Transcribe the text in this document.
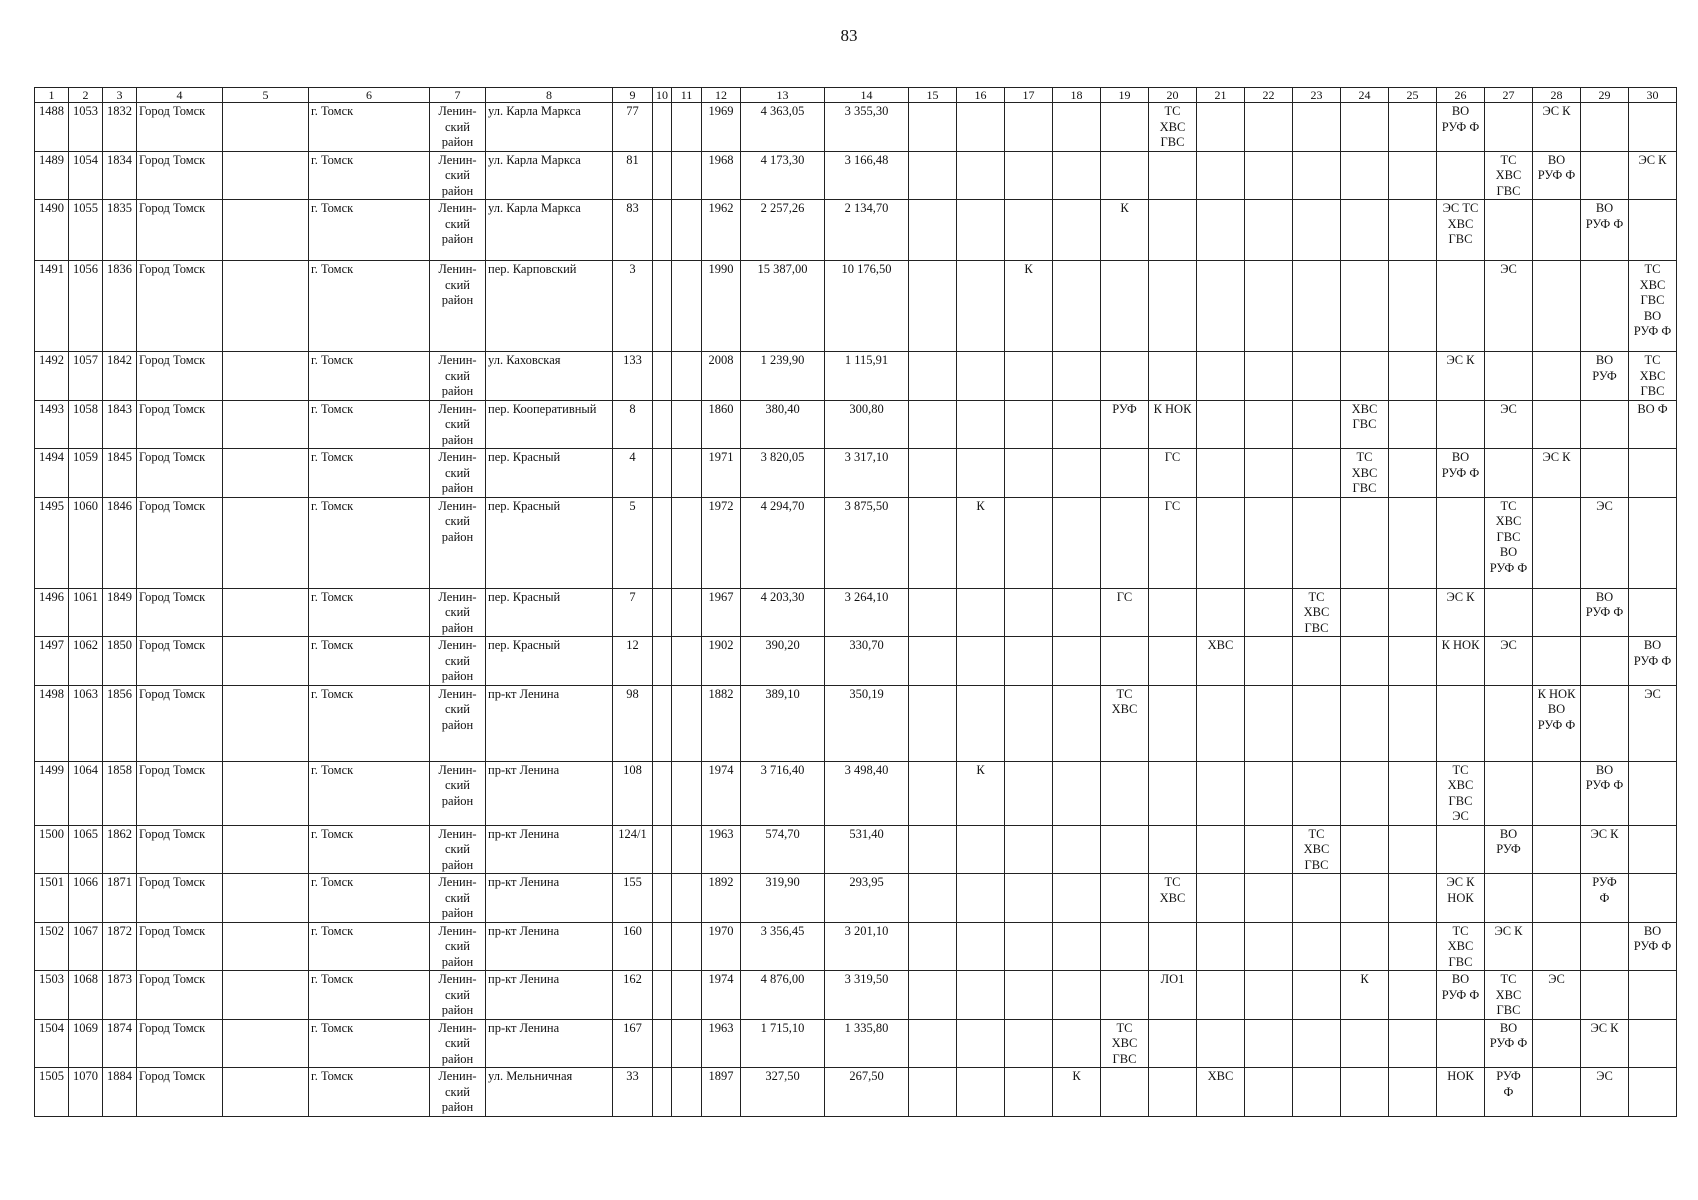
83
1	2	3	4	5	6	7	8	9	10	11	12	13	14	15	16	17	18	19	20	21	22	23	24	25	26	27	28	29	30
1488	1053	1832	Город Томск		г. Томск	Ленин-
ский
район	ул. Карла Маркса	77			1969	4 363,05	3 355,30						ТС
ХВС
ГВС						ВО
РУФ Ф		ЭС К		
1489	1054	1834	Город Томск		г. Томск	Ленин-
ский
район	ул. Карла Маркса	81			1968	4 173,30	3 166,48													ТС
ХВС
ГВС	ВО
РУФ Ф		ЭС К
1490	1055	1835	Город Томск		г. Томск	Ленин-
ский
район	ул. Карла Маркса	83			1962	2 257,26	2 134,70					К							ЭС ТС
ХВС
ГВС			ВО
РУФ Ф	
1491	1056	1836	Город Томск		г. Томск	Ленин-
ский
район	пер. Карповский	3			1990	15 387,00	10 176,50			К										ЭС			ТС
ХВС
ГВС
ВО
РУФ Ф
1492	1057	1842	Город Томск		г. Томск	Ленин-
ский
район	ул. Каховская	133			2008	1 239,90	1 115,91												ЭС К			ВО
РУФ	ТС
ХВС
ГВС
1493	1058	1843	Город Томск		г. Томск	Ленин-
ский
район	пер. Кооперативный	8			1860	380,40	300,80					РУФ	К НОК				ХВС
ГВС			ЭС			ВО Ф
1494	1059	1845	Город Томск		г. Томск	Ленин-
ский
район	пер. Красный	4			1971	3 820,05	3 317,10						ГС				ТС
ХВС
ГВС		ВО
РУФ Ф		ЭС К		
1495	1060	1846	Город Томск		г. Томск	Ленин-
ский
район	пер. Красный	5			1972	4 294,70	3 875,50		К				ГС							ТС
ХВС
ГВС
ВО
РУФ Ф		ЭС	
1496	1061	1849	Город Томск		г. Томск	Ленин-
ский
район	пер. Красный	7			1967	4 203,30	3 264,10					ГС				ТС
ХВС
ГВС			ЭС К			ВО
РУФ Ф	
1497	1062	1850	Город Томск		г. Томск	Ленин-
ский
район	пер. Красный	12			1902	390,20	330,70							ХВС					К НОК	ЭС			ВО
РУФ Ф
1498	1063	1856	Город Томск		г. Томск	Ленин-
ский
район	пр-кт Ленина	98			1882	389,10	350,19					ТС
ХВС									К НОК
ВО
РУФ Ф		ЭС
1499	1064	1858	Город Томск		г. Томск	Ленин-
ский
район	пр-кт Ленина	108			1974	3 716,40	3 498,40		К										ТС
ХВС
ГВС
ЭС			ВО
РУФ Ф	
1500	1065	1862	Город Томск		г. Томск	Ленин-
ский
район	пр-кт Ленина	124/1			1963	574,70	531,40									ТС
ХВС
ГВС				ВО
РУФ		ЭС К	
1501	1066	1871	Город Томск		г. Томск	Ленин-
ский
район	пр-кт Ленина	155			1892	319,90	293,95						ТС
ХВС						ЭС К
НОК			РУФ
Ф	
1502	1067	1872	Город Томск		г. Томск	Ленин-
ский
район	пр-кт Ленина	160			1970	3 356,45	3 201,10												ТС
ХВС
ГВС	ЭС К			ВО
РУФ Ф
1503	1068	1873	Город Томск		г. Томск	Ленин-
ский
район	пр-кт Ленина	162			1974	4 876,00	3 319,50						ЛО1				К		ВО
РУФ Ф	ТС
ХВС
ГВС	ЭС		
1504	1069	1874	Город Томск		г. Томск	Ленин-
ский
район	пр-кт Ленина	167			1963	1 715,10	1 335,80					ТС
ХВС
ГВС								ВО
РУФ Ф		ЭС К	
1505	1070	1884	Город Томск		г. Томск	Ленин-
ский
район	ул. Мельничная	33			1897	327,50	267,50				К			ХВС					НОК	РУФ
Ф		ЭС	
